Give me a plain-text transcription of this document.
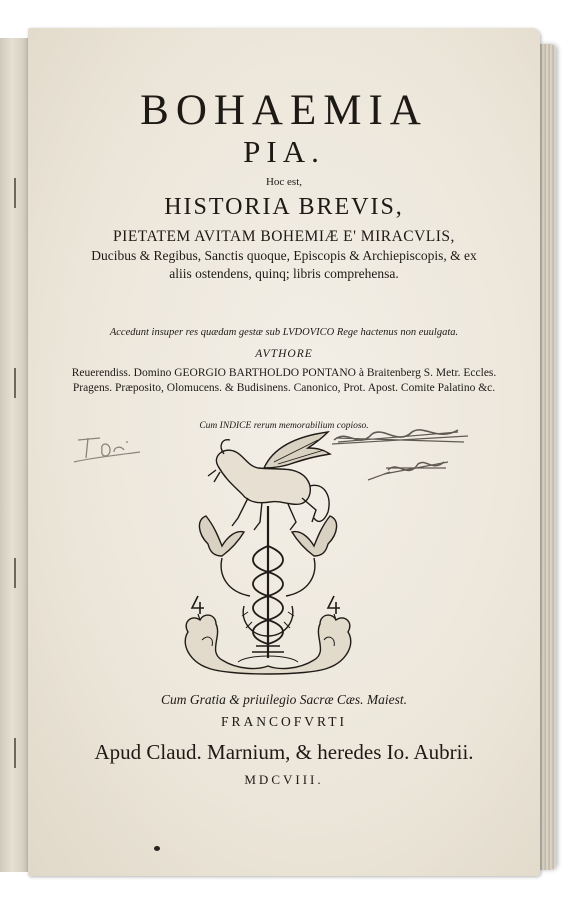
BOHAEMIA
PIA.
Hoc est,
HISTORIA BREVIS,
PIETATEM AVITAM BOHEMIÆ E' MIRACVLIS,
Ducibus & Regibus, Sanctis quoque, Episcopis & Archiepiscopis, & ex aliis ostendens, quinq; libris comprehensa.
Accedunt insuper res quædam gestæ sub LVDOVICO Rege hactenus non euulgata.
AVTHORE
Reuerendiss. Domino GEORGIO BARTHOLDO PONTANO à Braitenberg S. Metr. Eccles. Pragens. Præposito, Olomucens. & Budisinens. Canonico, Prot. Apost. Comite Palatino &c.
Cum INDICE rerum memorabilium copioso.
Cum Gratia & priuilegio Sacræ Cæs. Maiest.
FRANCOFVRTI
Apud Claud. Marnium, & heredes Io. Aubrii.
MDCVIII.
